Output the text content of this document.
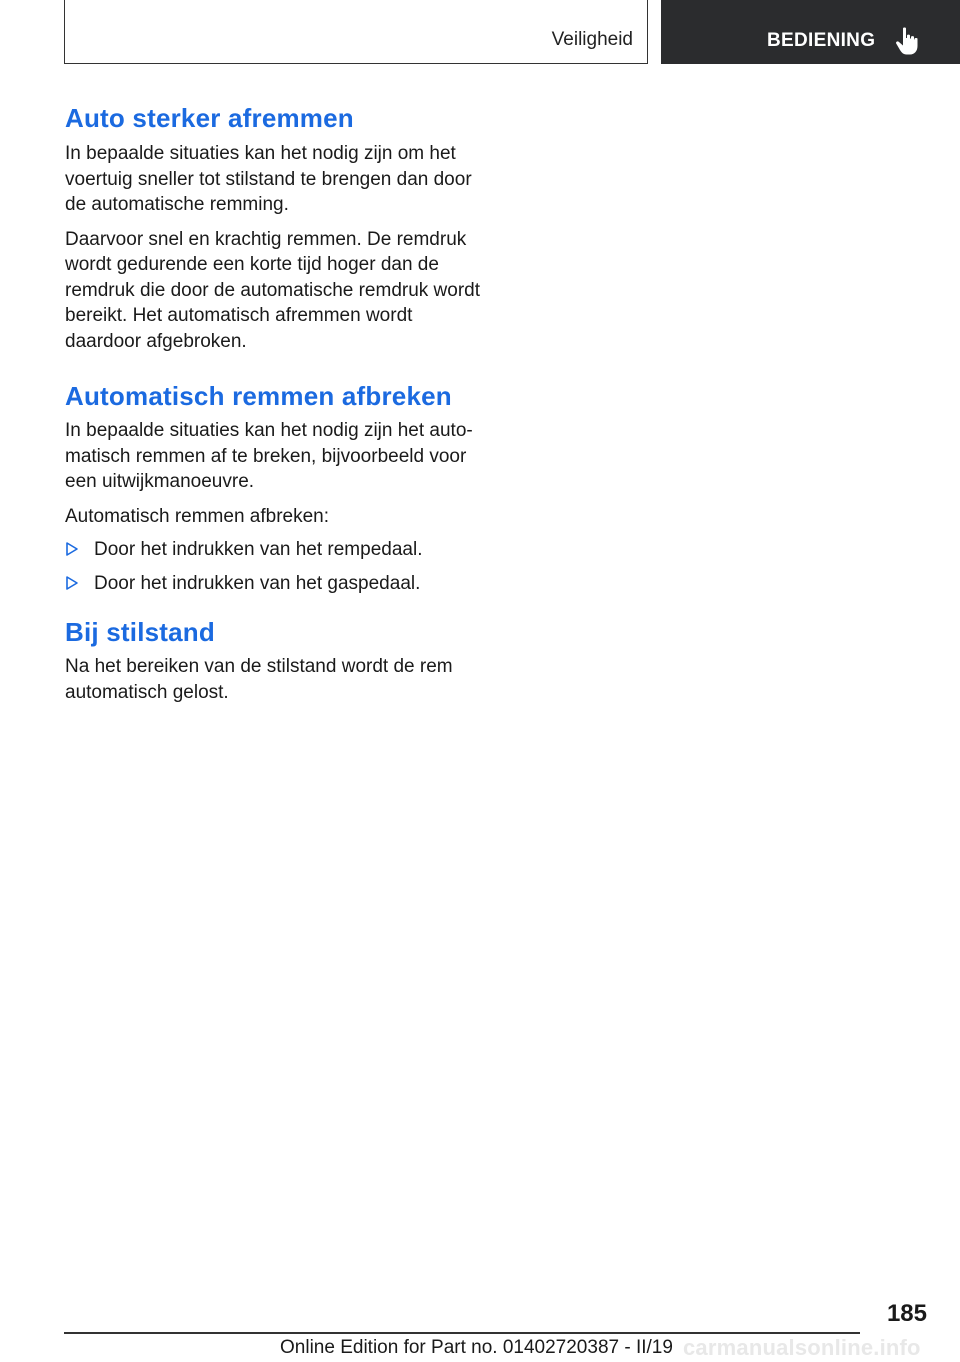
Veiligheid	BEDIENING
Auto sterker afremmen

In bepaalde situaties kan het nodig zijn om het voertuig sneller tot stilstand te brengen dan door de automatische remming.

Daarvoor snel en krachtig remmen. De remdruk wordt gedurende een korte tijd hoger dan de remdruk die door de automatische remdruk wordt bereikt. Het automatisch afremmen wordt daardoor afgebroken.

Automatisch remmen afbreken

In bepaalde situaties kan het nodig zijn het automatisch remmen af te breken, bijvoorbeeld voor een uitwijkmanoeuvre.

Automatisch remmen afbreken:

Door het indrukken van het rempedaal.
Door het indrukken van het gaspedaal.
Bij stilstand

Na het bereiken van de stilstand wordt de rem automatisch gelost.

185
carmanualsonline.info
Online Edition for Part no. 01402720387 - II/19
